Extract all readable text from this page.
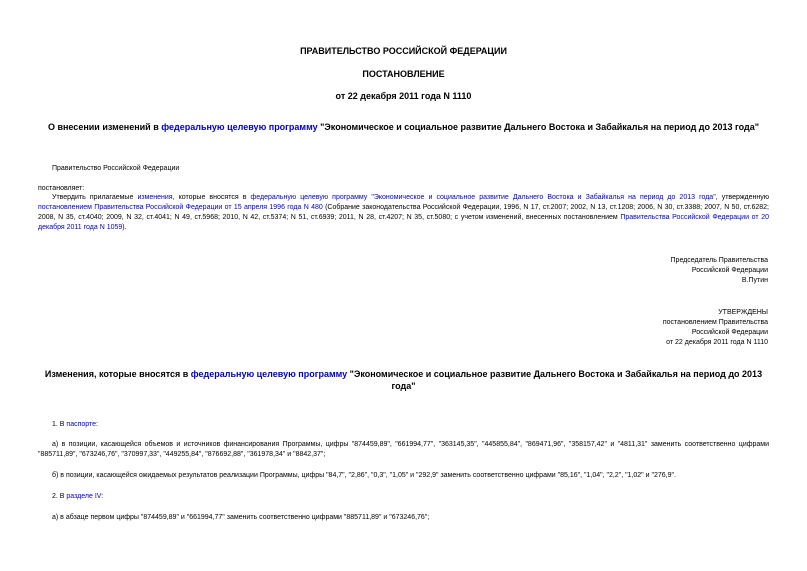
ПРАВИТЕЛЬСТВО РОССИЙСКОЙ ФЕДЕРАЦИИ
ПОСТАНОВЛЕНИЕ
от 22 декабря 2011 года N 1110
О внесении изменений в федеральную целевую программу "Экономическое и социальное развитие Дальнего Востока и Забайкалья на период до 2013 года"
Правительство Российской Федерации
постановляет:
Утвердить прилагаемые изменения, которые вносятся в федеральную целевую программу "Экономическое и социальное развитие Дальнего Востока и Забайкалья на период до 2013 года", утвержденную постановлением Правительства Российской Федерации от 15 апреля 1996 года N 480 (Собрание законодательства Российской Федерации, 1996, N 17, ст.2007; 2002, N 13, ст.1208; 2006, N 30, ст.3388; 2007, N 50, ст.6282; 2008, N 35, ст.4040; 2009, N 32, ст.4041; N 49, ст.5968; 2010, N 42, ст.5374; N 51, ст.6939; 2011, N 28, ст.4207; N 35, ст.5080; с учетом изменений, внесенных постановлением Правительства Российской Федерации от 20 декабря 2011 года N 1059).
Председатель Правительства
Российской Федерации
В.Путин
УТВЕРЖДЕНЫ
постановлением Правительства
Российской Федерации
от 22 декабря 2011 года N 1110
Изменения, которые вносятся в федеральную целевую программу "Экономическое и социальное развитие Дальнего Востока и Забайкалья на период до 2013 года"
1. В паспорте:
а) в позиции, касающейся объемов и источников финансирования Программы, цифры "874459,89", "661994,77", "363145,35", "445855,84", "869471,96", "358157,42" и "4811,31" заменить соответственно цифрами "885711,89", "673246,76", "370997,33", "449255,84", "876692,88", "361978,34" и "8842,37";
б) в позиции, касающейся ожидаемых результатов реализации Программы, цифры "84,7", "2,86", "0,3", "1,05" и "292,9" заменить соответственно цифрами "85,16", "1,04", "2,2", "1,02" и "276,9".
2. В разделе IV:
а) в абзаце первом цифры "874459,89" и "661994,77" заменить соответственно цифрами "885711,89" и "673246,76";
